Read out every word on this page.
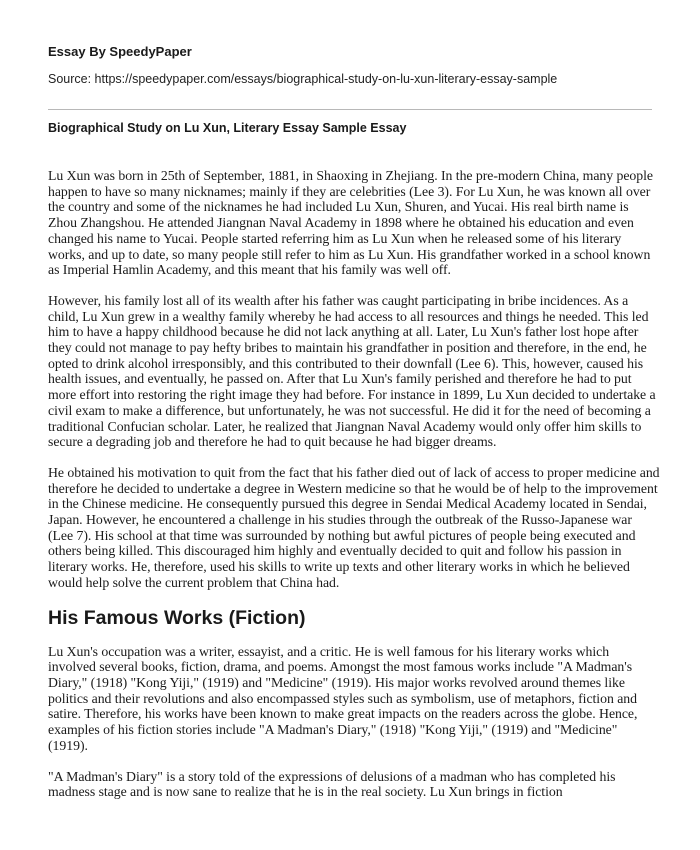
Essay By SpeedyPaper
Source: https://speedypaper.com/essays/biographical-study-on-lu-xun-literary-essay-sample
Biographical Study on Lu Xun, Literary Essay Sample Essay

Lu Xun was born in 25th of September, 1881, in Shaoxing in Zhejiang. In the pre-modern China, many people happen to have so many nicknames; mainly if they are celebrities (Lee 3). For Lu Xun, he was known all over the country and some of the nicknames he had included Lu Xun, Shuren, and Yucai. His real birth name is Zhou Zhangshou. He attended Jiangnan Naval Academy in 1898 where he obtained his education and even changed his name to Yucai. People started referring him as Lu Xun when he released some of his literary works, and up to date, so many people still refer to him as Lu Xun. His grandfather worked in a school known as Imperial Hamlin Academy, and this meant that his family was well off.

However, his family lost all of its wealth after his father was caught participating in bribe incidences. As a child, Lu Xun grew in a wealthy family whereby he had access to all resources and things he needed. This led him to have a happy childhood because he did not lack anything at all. Later, Lu Xun's father lost hope after they could not manage to pay hefty bribes to maintain his grandfather in position and therefore, in the end, he opted to drink alcohol irresponsibly, and this contributed to their downfall (Lee 6). This, however, caused his health issues, and eventually, he passed on. After that Lu Xun's family perished and therefore he had to put more effort into restoring the right image they had before. For instance in 1899, Lu Xun decided to undertake a civil exam to make a difference, but unfortunately, he was not successful. He did it for the need of becoming a traditional Confucian scholar. Later, he realized that Jiangnan Naval Academy would only offer him skills to secure a degrading job and therefore he had to quit because he had bigger dreams.

He obtained his motivation to quit from the fact that his father died out of lack of access to proper medicine and therefore he decided to undertake a degree in Western medicine so that he would be of help to the improvement in the Chinese medicine. He consequently pursued this degree in Sendai Medical Academy located in Sendai, Japan. However, he encountered a challenge in his studies through the outbreak of the Russo-Japanese war (Lee 7). His school at that time was surrounded by nothing but awful pictures of people being executed and others being killed. This discouraged him highly and eventually decided to quit and follow his passion in literary works. He, therefore, used his skills to write up texts and other literary works in which he believed would help solve the current problem that China had.

His Famous Works (Fiction)

Lu Xun's occupation was a writer, essayist, and a critic. He is well famous for his literary works which involved several books, fiction, drama, and poems. Amongst the most famous works include "A Madman's Diary," (1918) "Kong Yiji," (1919) and "Medicine" (1919). His major works revolved around themes like politics and their revolutions and also encompassed styles such as symbolism, use of metaphors, fiction and satire. Therefore, his works have been known to make great impacts on the readers across the globe. Hence, examples of his fiction stories include "A Madman's Diary," (1918) "Kong Yiji," (1919) and "Medicine" (1919).

"A Madman's Diary" is a story told of the expressions of delusions of a madman who has completed his madness stage and is now sane to realize that he is in the real society. Lu Xun brings in fiction
